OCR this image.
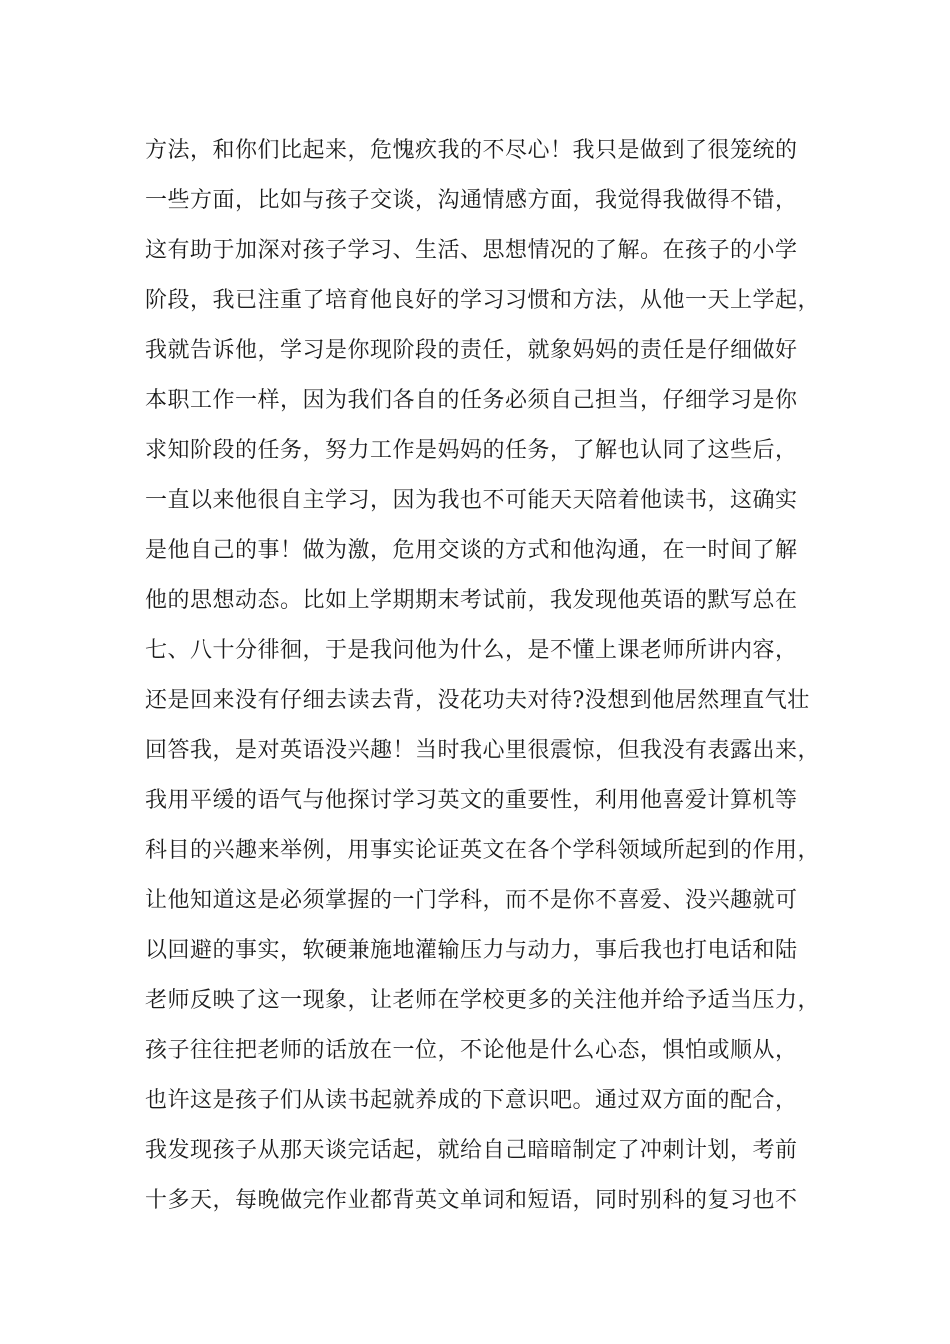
方法，和你们比起来，危愧疚我的不尽心！我只是做到了很笼统的
一些方面，比如与孩子交谈，沟通情感方面，我觉得我做得不错，
这有助于加深对孩子学习、生活、思想情况的了解。在孩子的小学
阶段，我已注重了培育他良好的学习习惯和方法，从他一天上学起，
我就告诉他，学习是你现阶段的责任，就象妈妈的责任是仔细做好
本职工作一样，因为我们各自的任务必须自己担当，仔细学习是你
求知阶段的任务，努力工作是妈妈的任务，了解也认同了这些后，
一直以来他很自主学习，因为我也不可能天天陪着他读书，这确实
是他自己的事！做为激，危用交谈的方式和他沟通，在一时间了解
他的思想动态。比如上学期期末考试前，我发现他英语的默写总在
七、八十分徘徊，于是我问他为什么，是不懂上课老师所讲内容，
还是回来没有仔细去读去背，没花功夫对待?没想到他居然理直气壮
回答我，是对英语没兴趣！当时我心里很震惊，但我没有表露出来，
我用平缓的语气与他探讨学习英文的重要性，利用他喜爱计算机等
科目的兴趣来举例，用事实论证英文在各个学科领域所起到的作用，
让他知道这是必须掌握的一门学科，而不是你不喜爱、没兴趣就可
以回避的事实，软硬兼施地灌输压力与动力，事后我也打电话和陆
老师反映了这一现象，让老师在学校更多的关注他并给予适当压力，
孩子往往把老师的话放在一位，不论他是什么心态，惧怕或顺从，
也许这是孩子们从读书起就养成的下意识吧。通过双方面的配合，
我发现孩子从那天谈完话起，就给自己暗暗制定了冲刺计划，考前
十多天，每晚做完作业都背英文单词和短语，同时别科的复习也不
